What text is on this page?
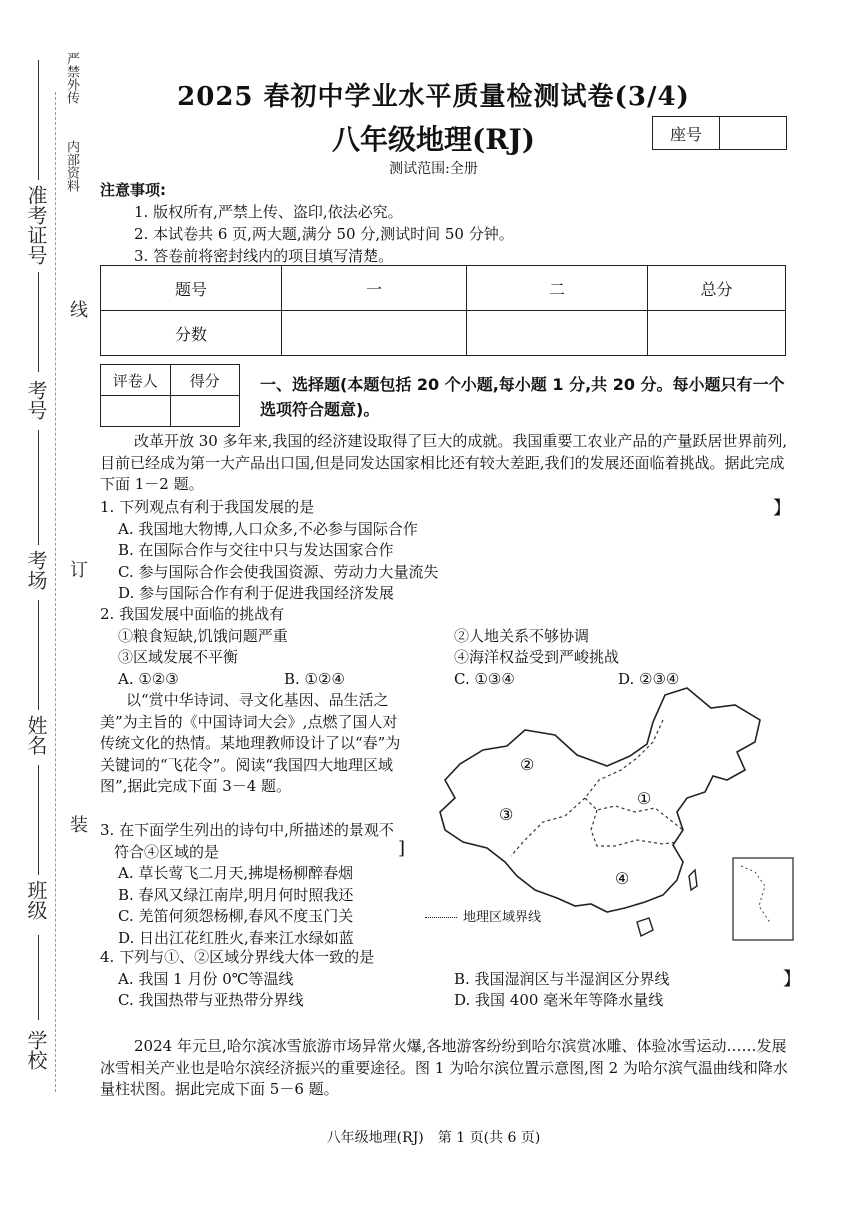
严禁外传
内部资料
线
订
装
准考证号
考号
考场
姓名
班级
学校
2025 春初中学业水平质量检测试卷(3/4)
八年级地理(RJ)
测试范围:全册
座号
注意事项:
1. 版权所有,严禁上传、盗印,依法必究。
2. 本试卷共 6 页,两大题,满分 50 分,测试时间 50 分钟。
3. 答卷前将密封线内的项目填写清楚。
题号	一	二	总分
分数			
评卷人	得分
		一、选择题(本题包括 20 个小题,每小题 1 分,共 20 分。每小题只有一个选项符合题意)。
改革开放 30 多年来,我国的经济建设取得了巨大的成就。我国重要工农业产品的产量跃居世界前列,目前已经成为第一大产品出口国,但是同发达国家相比还有较大差距,我们的发展还面临着挑战。据此完成下面 1－2 题。
1. 下列观点有利于我国发展的是
A. 我国地大物博,人口众多,不必参与国际合作
B. 在国际合作与交往中只与发达国家合作
C. 参与国际合作会使我国资源、劳动力大量流失
D. 参与国际合作有利于促进我国经济发展
】
2. 我国发展中面临的挑战有
①粮食短缺,饥饿问题严重	②人地关系不够协调
③区域发展不平衡	④海洋权益受到严峻挑战
A. ①②③	B. ①②④	C. ①③④	D. ②③④
以“赏中华诗词、寻文化基因、品生活之美”为主旨的《中国诗词大会》,点燃了国人对传统文化的热情。某地理教师设计了以“春”为关键词的“飞花令”。阅读“我国四大地理区域图”,据此完成下面 3－4 题。
3. 在下面学生列出的诗句中,所描述的景观不符合④区域的是
A. 草长莺飞二月天,拂堤杨柳醉春烟
B. 春风又绿江南岸,明月何时照我还
C. 羌笛何须怨杨柳,春风不度玉门关
D. 日出江花红胜火,春来江水绿如蓝
]
①
②
③
④
地理区域界线
4. 下列与①、②区域分界线大体一致的是
A. 我国 1 月份 0℃等温线	B. 我国湿润区与半湿润区分界线
C. 我国热带与亚热带分界线	D. 我国 400 毫米年等降水量线
】
2024 年元旦,哈尔滨冰雪旅游市场异常火爆,各地游客纷纷到哈尔滨赏冰雕、体验冰雪运动……发展冰雪相关产业也是哈尔滨经济振兴的重要途径。图 1 为哈尔滨位置示意图,图 2 为哈尔滨气温曲线和降水量柱状图。据此完成下面 5－6 题。
八年级地理(RJ)　第 1 页(共 6 页)
